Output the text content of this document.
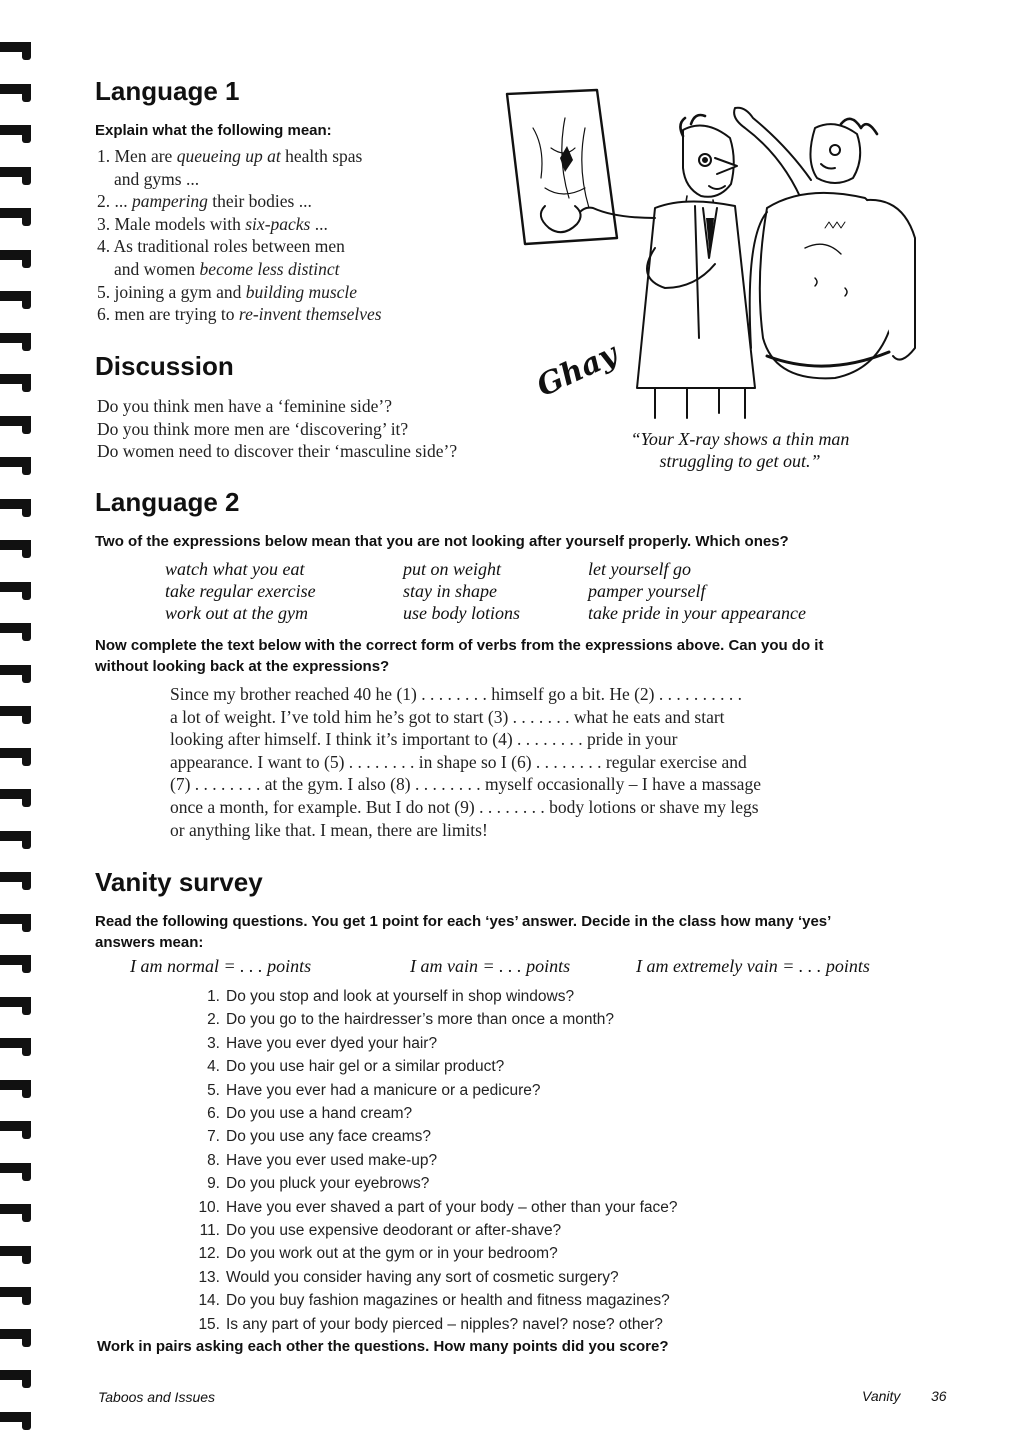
Language 1
Explain what the following mean:
1. Men are queueing up at health spas
and gyms ...
2. ... pampering their bodies ...
3. Male models with six-packs ...
4. As traditional roles between men
and women become less distinct
5. joining a gym and building muscle
6. men are trying to re-invent themselves
Ghay
“Your X-ray shows a thin man
struggling to get out.”
Discussion
Do you think men have a ‘feminine side’?
Do you think more men are ‘discovering’ it?
Do women need to discover their ‘masculine side’?
Language 2
Two of the expressions below mean that you are not looking after yourself properly. Which ones?
watch what you eat	put on weight	let yourself go
take regular exercise	stay in shape	pamper yourself
work out at the gym	use body lotions	take pride in your appearance
Now complete the text below with the correct form of verbs from the expressions above. Can you do it
without looking back at the expressions?
Since my brother reached 40 he (1) . . . . . . . . himself go a bit. He (2) . . . . . . . . . .
a lot of weight. I’ve told him he’s got to start (3) . . . . . . . what he eats and start
looking after himself. I think it’s important to (4) . . . . . . . . pride in your
appearance. I want to (5) . . . . . . . . in shape so I (6) . . . . . . . . regular exercise and
(7) . . . . . . . . at the gym. I also (8) . . . . . . . . myself occasionally – I have a massage
once a month, for example. But I do not (9) . . . . . . . . body lotions or shave my legs
or anything like that. I mean, there are limits!
Vanity survey
Read the following questions. You get 1 point for each ‘yes’ answer. Decide in the class how many ‘yes’
answers mean:
I am normal = . . . points	I am vain = . . . points	I am extremely vain = . . . points
1. Do you stop and look at yourself in shop windows?
2. Do you go to the hairdresser’s more than once a month?
3. Have you ever dyed your hair?
4. Do you use hair gel or a similar product?
5. Have you ever had a manicure or a pedicure?
6. Do you use a hand cream?
7. Do you use any face creams?
8. Have you ever used make-up?
9. Do you pluck your eyebrows?
10. Have you ever shaved a part of your body – other than your face?
11. Do you use expensive deodorant or after-shave?
12. Do you work out at the gym or in your bedroom?
13. Would you consider having any sort of cosmetic surgery?
14. Do you buy fashion magazines or health and fitness magazines?
15. Is any part of your body pierced – nipples? navel? nose? other?
Work in pairs asking each other the questions. How many points did you score?
Taboos and Issues	Vanity 36
